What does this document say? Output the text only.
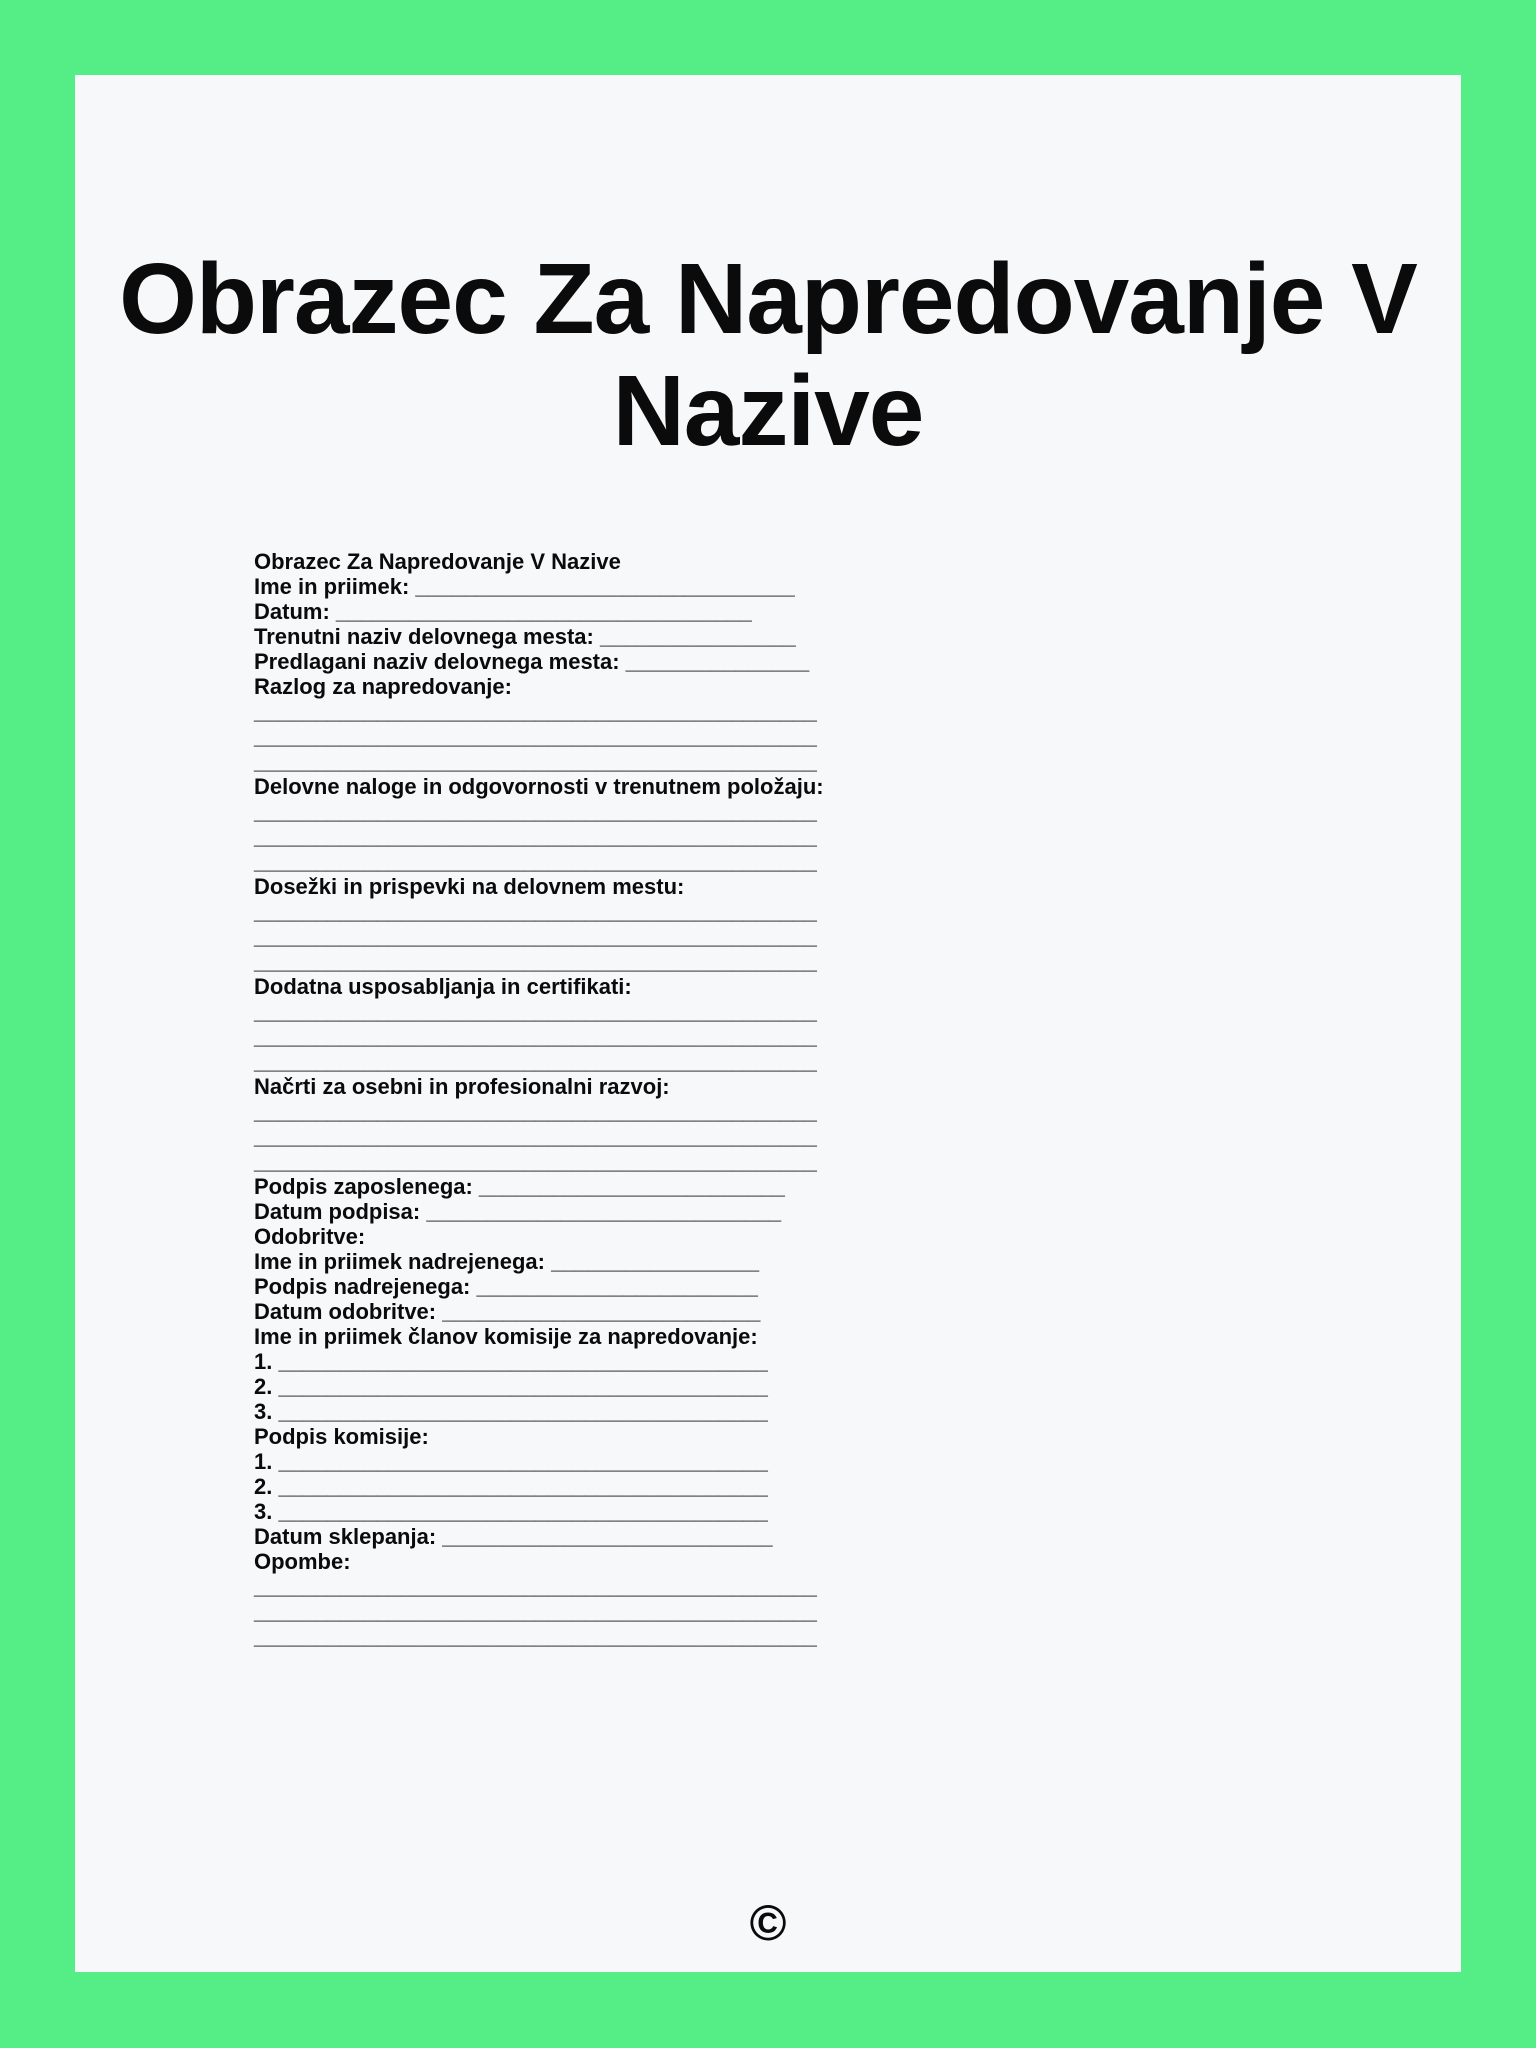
Obrazec Za Napredovanje V Nazive
Obrazec Za Napredovanje V Nazive
Ime in priimek: _______________________________
Datum: __________________________________
Trenutni naziv delovnega mesta: ________________
Predlagani naziv delovnega mesta: _______________
Razlog za napredovanje:
______________________________________________
______________________________________________
______________________________________________
Delovne naloge in odgovornosti v trenutnem položaju:
______________________________________________
______________________________________________
______________________________________________
Dosežki in prispevki na delovnem mestu:
______________________________________________
______________________________________________
______________________________________________
Dodatna usposabljanja in certifikati:
______________________________________________
______________________________________________
______________________________________________
Načrti za osebni in profesionalni razvoj:
______________________________________________
______________________________________________
______________________________________________
Podpis zaposlenega: _________________________
Datum podpisa: _____________________________
Odobritve:
Ime in priimek nadrejenega: _________________
Podpis nadrejenega: _______________________
Datum odobritve: __________________________
Ime in priimek članov komisije za napredovanje:
1. ________________________________________
2. ________________________________________
3. ________________________________________
Podpis komisije:
1. ________________________________________
2. ________________________________________
3. ________________________________________
Datum sklepanja: ___________________________
Opombe:
______________________________________________
______________________________________________
______________________________________________
©
